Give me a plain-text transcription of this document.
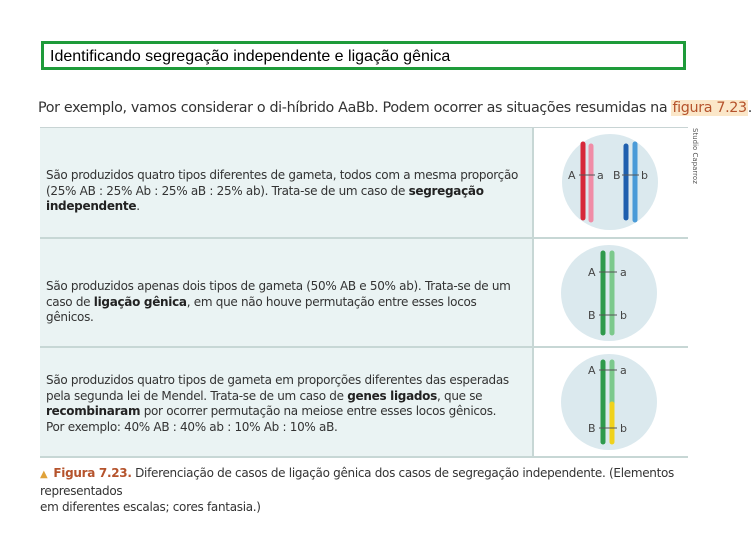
Identificando segregação independente e ligação gênica
Por exemplo, vamos considerar o di-híbrido AaBb. Podem ocorrer as situações resumidas na figura 7.23.
Studio Caparroz
São produzidos quatro tipos diferentes de gameta, todos com a mesma proporção (25% AB : 25% Ab : 25% aB : 25% ab). Trata-se de um caso de segregação independente.
A a B b
São produzidos apenas dois tipos de gameta (50% AB e 50% ab). Trata-se de um caso de ligação gênica, em que não houve permutação entre esses locos gênicos.
A a
B b
São produzidos quatro tipos de gameta em proporções diferentes das esperadas pela segunda lei de Mendel. Trata-se de um caso de genes ligados, que se recombinaram por ocorrer permutação na meiose entre esses locos gênicos.
Por exemplo: 40% AB : 40% ab : 10% Ab : 10% aB.
A a
B b
▲ Figura 7.23. Diferenciação de casos de ligação gênica dos casos de segregação independente. (Elementos representados
em diferentes escalas; cores fantasia.)
